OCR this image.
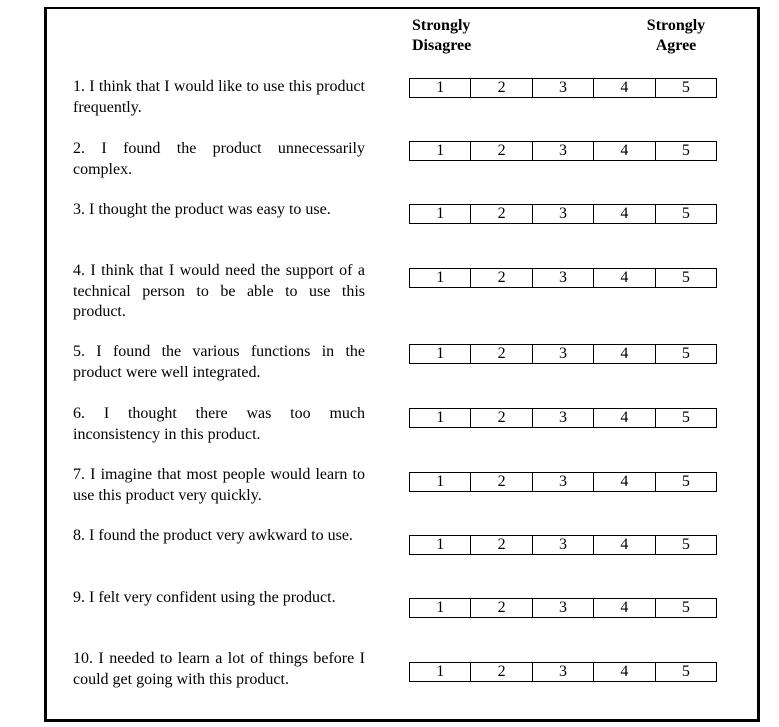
Strongly
Disagree
Strongly
Agree
1. I think that I would like to use this product frequently.
1	2	3	4	5
2. I found the product unnecessarily complex.
1	2	3	4	5
3. I thought the product was easy to use.	1	2	3	4	5
4. I think that I would need the support of a technical person to be able to use this product.
1	2	3	4	5
5. I found the various functions in the product were well integrated.
1	2	3	4	5
6. I thought there was too much inconsistency in this product.
1	2	3	4	5
7. I imagine that most people would learn to use this product very quickly.
1	2	3	4	5
8. I found the product very awkward to use.
1	2	3	4	5
9. I felt very confident using the product.
1	2	3	4	5
10. I needed to learn a lot of things before I could get going with this product.	1	2	3	4	5
